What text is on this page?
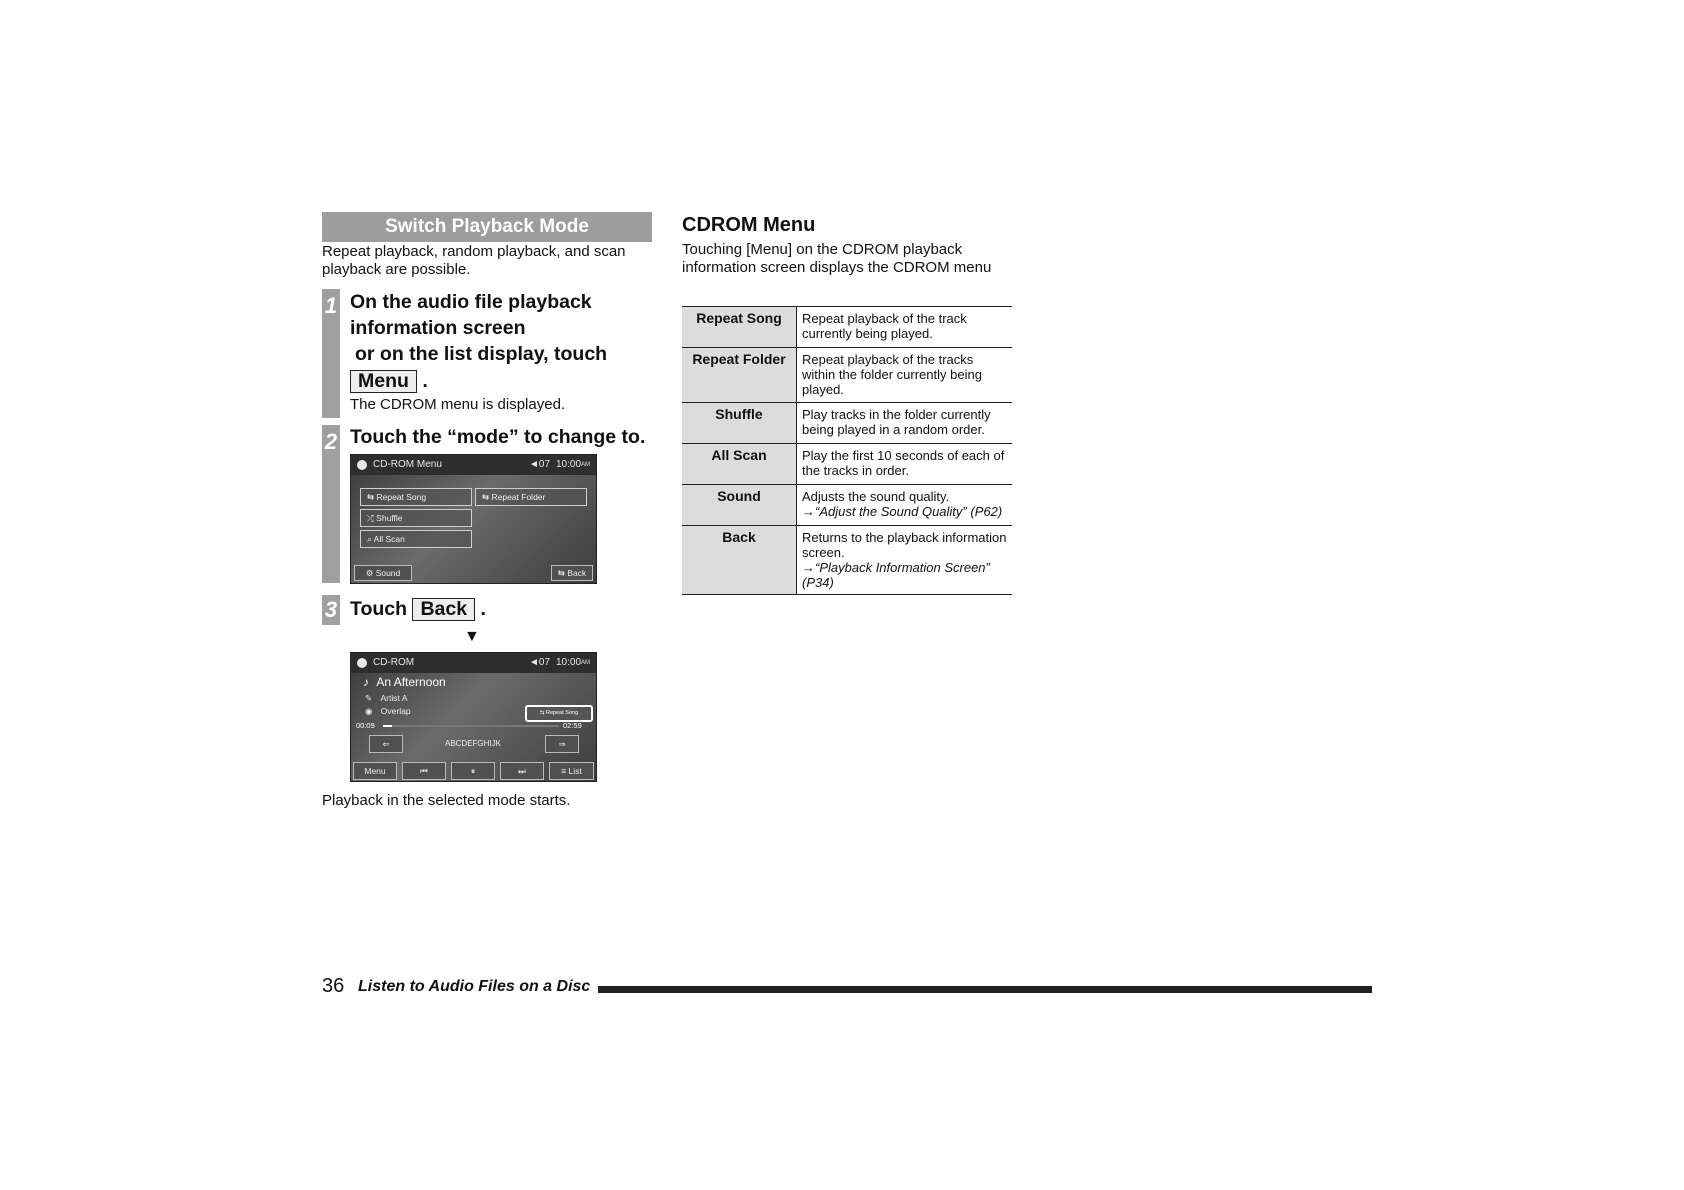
Switch Playback Mode
Repeat playback, random playback, and scan playback are possible.
1 On the audio file playback
information screen
or on the list display, touch
Menu .
The CDROM menu is displayed.
2 Touch the “mode” to change to.
CD-ROM Menu	◄07 10:00 AM
⇆ Repeat Song	⇆ Repeat Folder
⤮ Shuffle
⌕ All Scan
⚙ Sound	⇆ Back
3 Touch Back .
▼
CD-ROM	◄07 10:00 AM
♪ An Afternoon
✎ Artist A
◉ Overlap	⇆ Repeat Song
00:09	02:59
⇐	ABCDEFGHIJK	⇒
Menu	⏮	⏸	⏭	≡ List
Playback in the selected mode starts.
CDROM Menu
Touching [Menu] on the CDROM playback information screen displays the CDROM menu
Repeat Song	Repeat playback of the track currently being played.
Repeat Folder	Repeat playback of the tracks within the folder currently being played.
Shuffle	Play tracks in the folder currently being played in a random order.
All Scan	Play the first 10 seconds of each of the tracks in order.
Sound	Adjusts the sound quality.
→“Adjust the Sound Quality” (P62)

Back	Returns to the playback information screen.
→“Playback Information Screen” (P34)
36 Listen to Audio Files on a Disc
